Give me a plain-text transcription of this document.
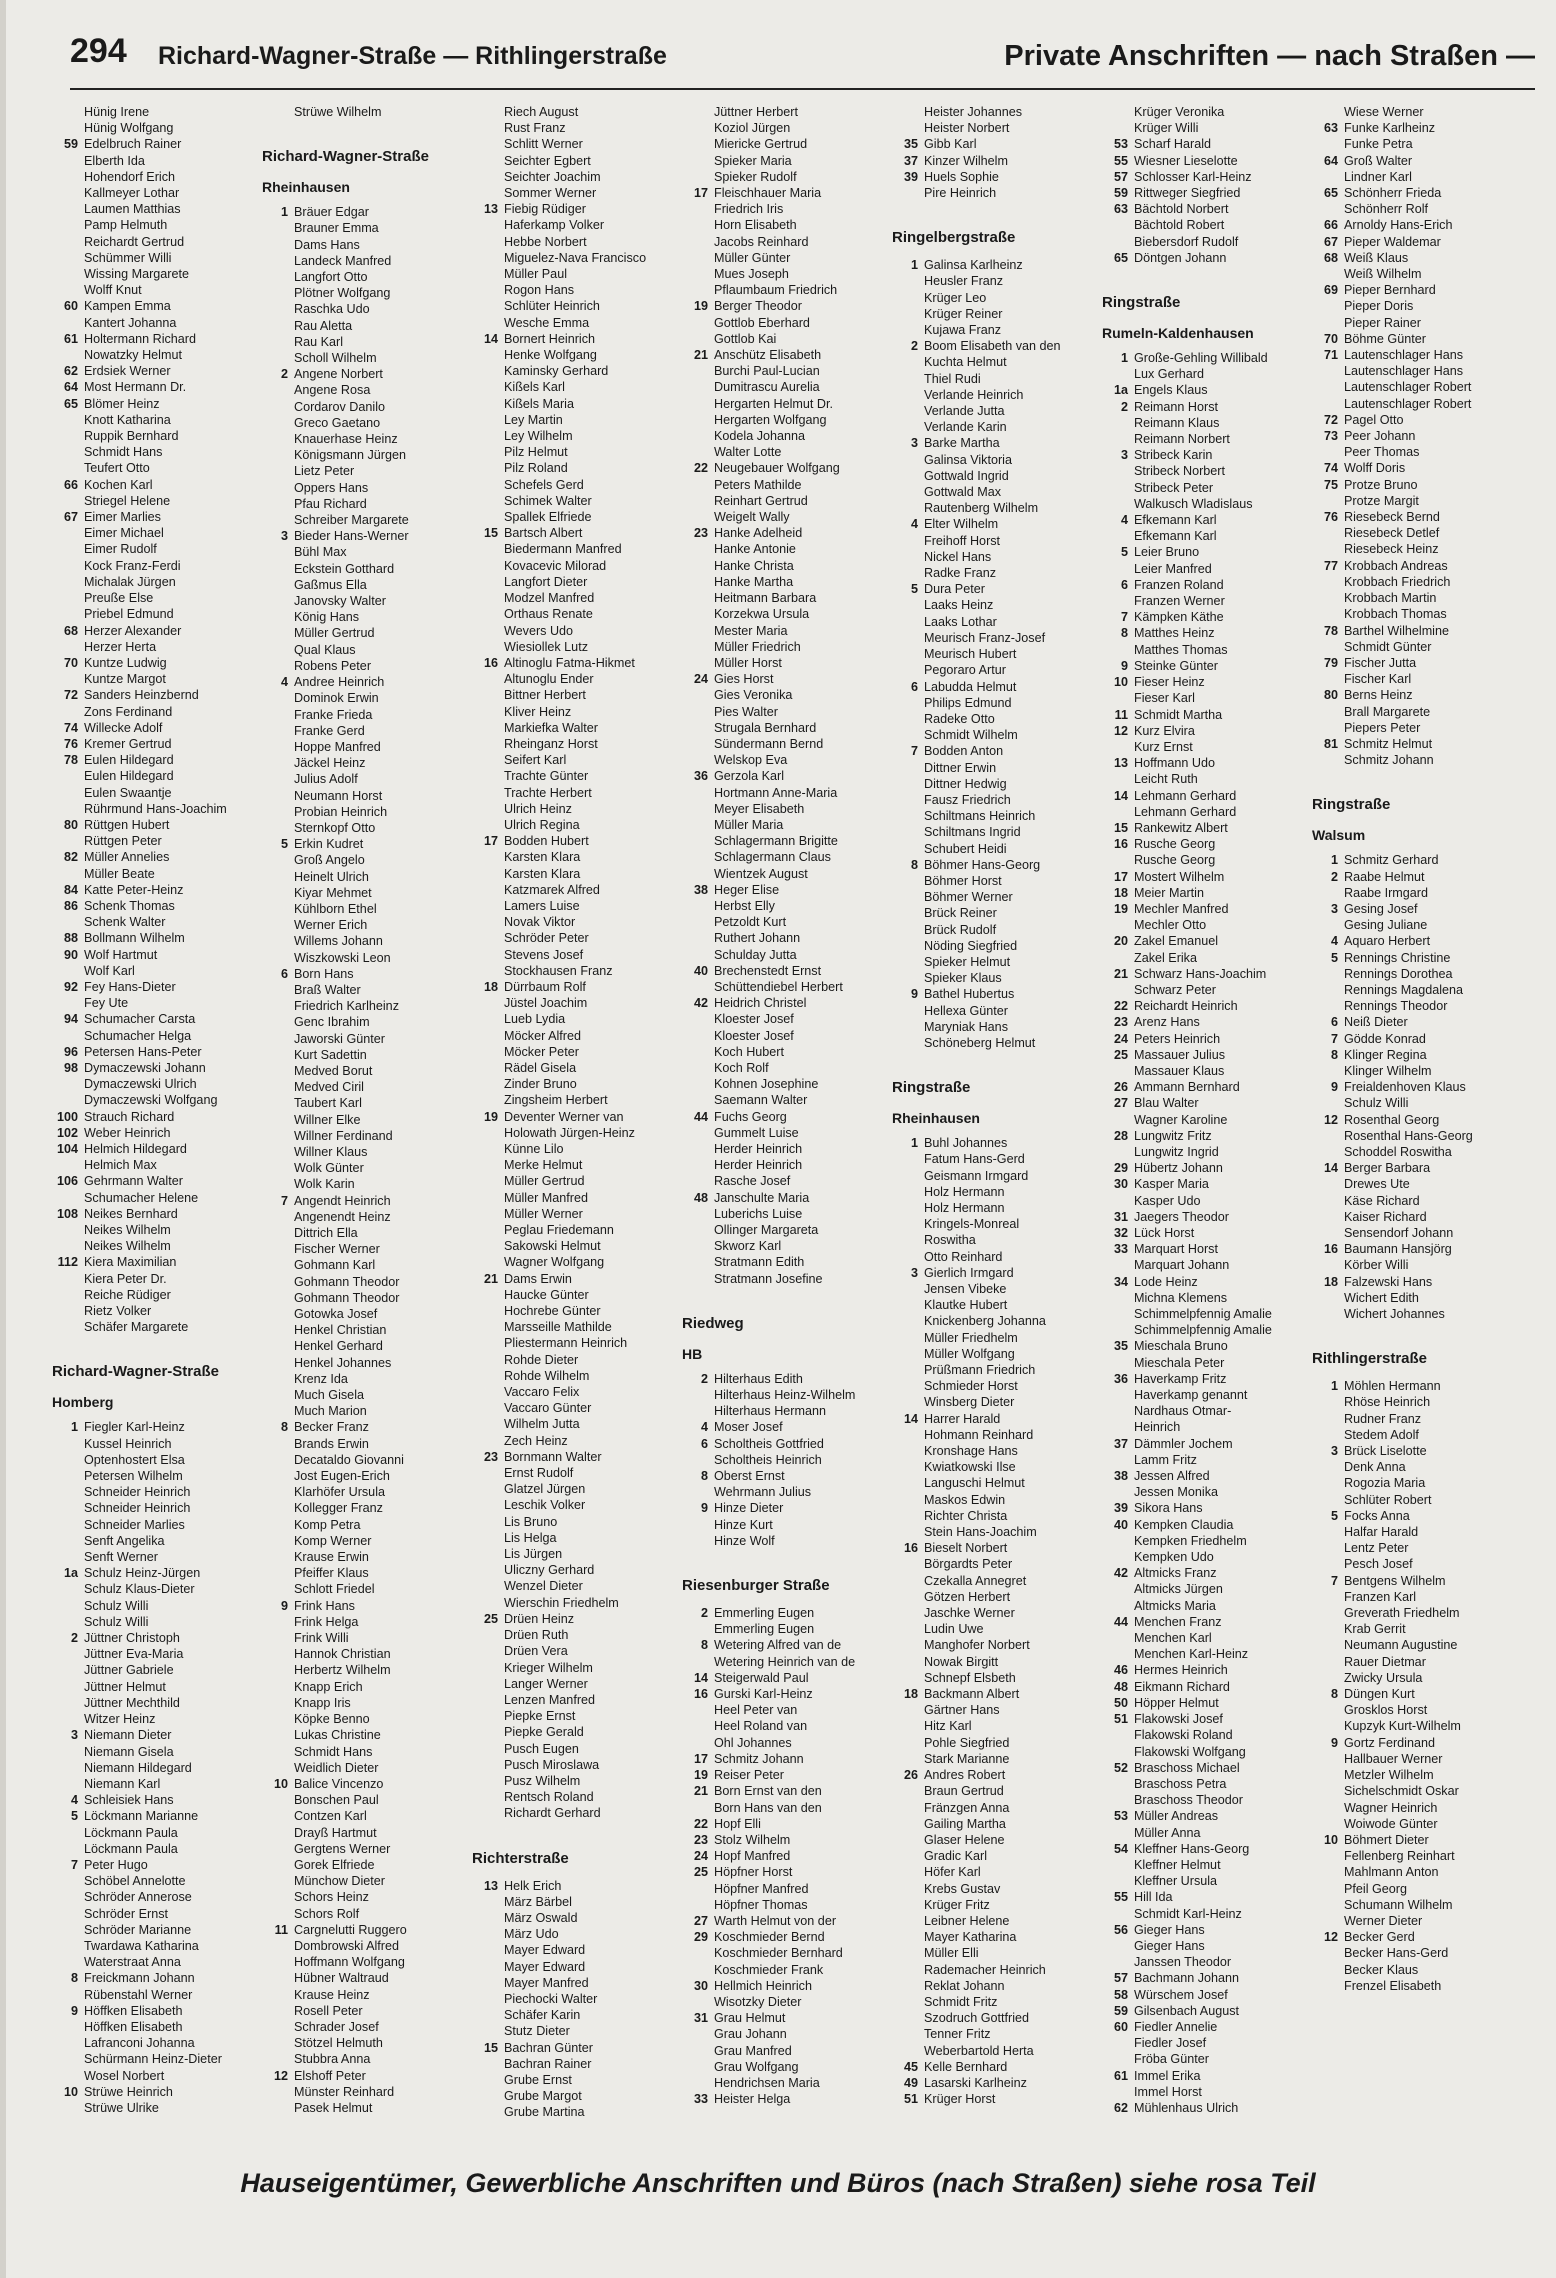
294 Richard-Wagner-Straße — Rithlingerstraße	Private Anschriften — nach Straßen —
Hünig Irene
Hünig Wolfgang
59 Edelbruch Rainer
Elberth Ida
Hohendorf Erich
Kallmeyer Lothar
Laumen Matthias
Pamp Helmuth
Reichardt Gertrud
Schümmer Willi
Wissing Margarete
Wolff Knut
60 Kampen Emma
Kantert Johanna
61 Holtermann Richard
Nowatzky Helmut
62 Erdsiek Werner
64 Most Hermann Dr.
65 Blömer Heinz
Knott Katharina
Ruppik Bernhard
Schmidt Hans
Teufert Otto
66 Kochen Karl
Striegel Helene
67 Eimer Marlies
Eimer Michael
Eimer Rudolf
Kock Franz-Ferdi
Michalak Jürgen
Preuße Else
Priebel Edmund
68 Herzer Alexander
Herzer Herta
70 Kuntze Ludwig
Kuntze Margot
72 Sanders Heinzbernd
Zons Ferdinand
74 Willecke Adolf
76 Kremer Gertrud
78 Eulen Hildegard
Eulen Hildegard
Eulen Swaantje
Rührmund Hans-Joachim
80 Rüttgen Hubert
Rüttgen Peter
82 Müller Annelies
Müller Beate
84 Katte Peter-Heinz
86 Schenk Thomas
Schenk Walter
88 Bollmann Wilhelm
90 Wolf Hartmut
Wolf Karl
92 Fey Hans-Dieter
Fey Ute
94 Schumacher Carsta
Schumacher Helga
96 Petersen Hans-Peter
98 Dymaczewski Johann
Dymaczewski Ulrich
Dymaczewski Wolfgang
100 Strauch Richard
102 Weber Heinrich
104 Helmich Hildegard
Helmich Max
106 Gehrmann Walter
Schumacher Helene
108 Neikes Bernhard
Neikes Wilhelm
Neikes Wilhelm
112 Kiera Maximilian
Kiera Peter Dr.
Reiche Rüdiger
Rietz Volker
Schäfer Margarete
Richard-Wagner-Straße
Homberg
1 Fiegler Karl-Heinz
Kussel Heinrich
Optenhostert Elsa
Petersen Wilhelm
Schneider Heinrich
Schneider Heinrich
Schneider Marlies
Senft Angelika
Senft Werner
1a Schulz Heinz-Jürgen
Schulz Klaus-Dieter
Schulz Willi
Schulz Willi
2 Jüttner Christoph
Jüttner Eva-Maria
Jüttner Gabriele
Jüttner Helmut
Jüttner Mechthild
Witzer Heinz
3 Niemann Dieter
Niemann Gisela
Niemann Hildegard
Niemann Karl
4 Schleisiek Hans
5 Löckmann Marianne
Löckmann Paula
Löckmann Paula
7 Peter Hugo
Schöbel Annelotte
Schröder Annerose
Schröder Ernst
Schröder Marianne
Twardawa Katharina
Waterstraat Anna
8 Freickmann Johann
Rübenstahl Werner
9 Höffken Elisabeth
Höffken Elisabeth
Lafranconi Johanna
Schürmann Heinz-Dieter
Wosel Norbert
10 Strüwe Heinrich
Strüwe Ulrike
Strüwe Wilhelm
Richard-Wagner-Straße
Rheinhausen
1 Bräuer Edgar
Brauner Emma
Dams Hans
Landeck Manfred
Langfort Otto
Plötner Wolfgang
Raschka Udo
Rau Aletta
Rau Karl
Scholl Wilhelm
2 Angene Norbert
Angene Rosa
Cordarov Danilo
Greco Gaetano
Knauerhase Heinz
Königsmann Jürgen
Lietz Peter
Oppers Hans
Pfau Richard
Schreiber Margarete
3 Bieder Hans-Werner
Bühl Max
Eckstein Gotthard
Gaßmus Ella
Janovsky Walter
König Hans
Müller Gertrud
Qual Klaus
Robens Peter
4 Andree Heinrich
Dominok Erwin
Franke Frieda
Franke Gerd
Hoppe Manfred
Jäckel Heinz
Julius Adolf
Neumann Horst
Probian Heinrich
Sternkopf Otto
5 Erkin Kudret
Groß Angelo
Heinelt Ulrich
Kiyar Mehmet
Kühlborn Ethel
Werner Erich
Willems Johann
Wiszkowski Leon
6 Born Hans
Braß Walter
Friedrich Karlheinz
Genc Ibrahim
Jaworski Günter
Kurt Sadettin
Medved Borut
Medved Ciril
Taubert Karl
Willner Elke
Willner Ferdinand
Willner Klaus
Wolk Günter
Wolk Karin
7 Angendt Heinrich
Angenendt Heinz
Dittrich Ella
Fischer Werner
Gohmann Karl
Gohmann Theodor
Gohmann Theodor
Gotowka Josef
Henkel Christian
Henkel Gerhard
Henkel Johannes
Krenz Ida
Much Gisela
Much Marion
8 Becker Franz
Brands Erwin
Decataldo Giovanni
Jost Eugen-Erich
Klarhöfer Ursula
Kollegger Franz
Komp Petra
Komp Werner
Krause Erwin
Pfeiffer Klaus
Schlott Friedel
9 Frink Hans
Frink Helga
Frink Willi
Hannok Christian
Herbertz Wilhelm
Knapp Erich
Knapp Iris
Köpke Benno
Lukas Christine
Schmidt Hans
Weidlich Dieter
10 Balice Vincenzo
Bonschen Paul
Contzen Karl
Drayß Hartmut
Gergtens Werner
Gorek Elfriede
Münchow Dieter
Schors Heinz
Schors Rolf
11 Cargnelutti Ruggero
Dombrowski Alfred
Hoffmann Wolfgang
Hübner Waltraud
Krause Heinz
Rosell Peter
Schrader Josef
Stötzel Helmuth
Stubbra Anna
12 Elshoff Peter
Münster Reinhard
Pasek Helmut
Riech August
Rust Franz
Schlitt Werner
Seichter Egbert
Seichter Joachim
Sommer Werner
13 Fiebig Rüdiger
Haferkamp Volker
Hebbe Norbert
Miguelez-Nava Francisco
Müller Paul
Rogon Hans
Schlüter Heinrich
Wesche Emma
14 Bornert Heinrich
Henke Wolfgang
Kaminsky Gerhard
Kißels Karl
Kißels Maria
Ley Martin
Ley Wilhelm
Pilz Helmut
Pilz Roland
Schefels Gerd
Schimek Walter
Spallek Elfriede
15 Bartsch Albert
Biedermann Manfred
Kovacevic Milorad
Langfort Dieter
Modzel Manfred
Orthaus Renate
Wevers Udo
Wiesiollek Lutz
16 Altinoglu Fatma-Hikmet
Altunoglu Ender
Bittner Herbert
Kliver Heinz
Markiefka Walter
Rheinganz Horst
Seifert Karl
Trachte Günter
Trachte Herbert
Ulrich Heinz
Ulrich Regina
17 Bodden Hubert
Karsten Klara
Karsten Klara
Katzmarek Alfred
Lamers Luise
Novak Viktor
Schröder Peter
Stevens Josef
Stockhausen Franz
18 Dürrbaum Rolf
Jüstel Joachim
Lueb Lydia
Möcker Alfred
Möcker Peter
Rädel Gisela
Zinder Bruno
Zingsheim Herbert
19 Deventer Werner van
Holowath Jürgen-Heinz
Künne Lilo
Merke Helmut
Müller Gertrud
Müller Manfred
Müller Werner
Peglau Friedemann
Sakowski Helmut
Wagner Wolfgang
21 Dams Erwin
Haucke Günter
Hochrebe Günter
Marsseille Mathilde
Pliestermann Heinrich
Rohde Dieter
Rohde Wilhelm
Vaccaro Felix
Vaccaro Günter
Wilhelm Jutta
Zech Heinz
23 Bornmann Walter
Ernst Rudolf
Glatzel Jürgen
Leschik Volker
Lis Bruno
Lis Helga
Lis Jürgen
Uliczny Gerhard
Wenzel Dieter
Wierschin Friedhelm
25 Drüen Heinz
Drüen Ruth
Drüen Vera
Krieger Wilhelm
Langer Werner
Lenzen Manfred
Piepke Ernst
Piepke Gerald
Pusch Eugen
Pusch Miroslawa
Pusz Wilhelm
Rentsch Roland
Richardt Gerhard
Richterstraße
13 Helk Erich
März Bärbel
März Oswald
März Udo
Mayer Edward
Mayer Edward
Mayer Manfred
Piechocki Walter
Schäfer Karin
Stutz Dieter
15 Bachran Günter
Bachran Rainer
Grube Ernst
Grube Margot
Grube Martina
Jüttner Herbert
Koziol Jürgen
Miericke Gertrud
Spieker Maria
Spieker Rudolf
17 Fleischhauer Maria
Friedrich Iris
Horn Elisabeth
Jacobs Reinhard
Müller Günter
Mues Joseph
Pflaumbaum Friedrich
19 Berger Theodor
Gottlob Eberhard
Gottlob Kai
21 Anschütz Elisabeth
Burchi Paul-Lucian
Dumitrascu Aurelia
Hergarten Helmut Dr.
Hergarten Wolfgang
Kodela Johanna
Walter Lotte
22 Neugebauer Wolfgang
Peters Mathilde
Reinhart Gertrud
Weigelt Wally
23 Hanke Adelheid
Hanke Antonie
Hanke Christa
Hanke Martha
Heitmann Barbara
Korzekwa Ursula
Mester Maria
Müller Friedrich
Müller Horst
24 Gies Horst
Gies Veronika
Pies Walter
Strugala Bernhard
Sündermann Bernd
Welskop Eva
36 Gerzola Karl
Hortmann Anne-Maria
Meyer Elisabeth
Müller Maria
Schlagermann Brigitte
Schlagermann Claus
Wientzek August
38 Heger Elise
Herbst Elly
Petzoldt Kurt
Ruthert Johann
Schulday Jutta
40 Brechenstedt Ernst
Schüttendiebel Herbert
42 Heidrich Christel
Kloester Josef
Kloester Josef
Koch Hubert
Koch Rolf
Kohnen Josephine
Saemann Walter
44 Fuchs Georg
Gummelt Luise
Herder Heinrich
Herder Heinrich
Rasche Josef
48 Janschulte Maria
Luberichs Luise
Ollinger Margareta
Skworz Karl
Stratmann Edith
Stratmann Josefine
Riedweg
HB
2 Hilterhaus Edith
Hilterhaus Heinz-Wilhelm
Hilterhaus Hermann
4 Moser Josef
6 Scholtheis Gottfried
Scholtheis Heinrich
8 Oberst Ernst
Wehrmann Julius
9 Hinze Dieter
Hinze Kurt
Hinze Wolf
Riesenburger Straße
2 Emmerling Eugen
Emmerling Eugen
8 Wetering Alfred van de
Wetering Heinrich van de
14 Steigerwald Paul
16 Gurski Karl-Heinz
Heel Peter van
Heel Roland van
Ohl Johannes
17 Schmitz Johann
19 Reiser Peter
21 Born Ernst van den
Born Hans van den
22 Hopf Elli
23 Stolz Wilhelm
24 Hopf Manfred
25 Höpfner Horst
Höpfner Manfred
Höpfner Thomas
27 Warth Helmut von der
29 Koschmieder Bernd
Koschmieder Bernhard
Koschmieder Frank
30 Hellmich Heinrich
Wisotzky Dieter
31 Grau Helmut
Grau Johann
Grau Manfred
Grau Wolfgang
Hendrichsen Maria
33 Heister Helga
Heister Johannes
Heister Norbert
35 Gibb Karl
37 Kinzer Wilhelm
39 Huels Sophie
Pire Heinrich
Ringelbergstraße
1 Galinsa Karlheinz
Heusler Franz
Krüger Leo
Krüger Reiner
Kujawa Franz
2 Boom Elisabeth van den
Kuchta Helmut
Thiel Rudi
Verlande Heinrich
Verlande Jutta
Verlande Karin
3 Barke Martha
Galinsa Viktoria
Gottwald Ingrid
Gottwald Max
Rautenberg Wilhelm
4 Elter Wilhelm
Freihoff Horst
Nickel Hans
Radke Franz
5 Dura Peter
Laaks Heinz
Laaks Lothar
Meurisch Franz-Josef
Meurisch Hubert
Pegoraro Artur
6 Labudda Helmut
Philips Edmund
Radeke Otto
Schmidt Wilhelm
7 Bodden Anton
Dittner Erwin
Dittner Hedwig
Fausz Friedrich
Schiltmans Heinrich
Schiltmans Ingrid
Schubert Heidi
8 Böhmer Hans-Georg
Böhmer Horst
Böhmer Werner
Brück Reiner
Brück Rudolf
Nöding Siegfried
Spieker Helmut
Spieker Klaus
9 Bathel Hubertus
Hellexa Günter
Maryniak Hans
Schöneberg Helmut
Ringstraße
Rheinhausen
1 Buhl Johannes
Fatum Hans-Gerd
Geismann Irmgard
Holz Hermann
Holz Hermann
Kringels-Monreal
Roswitha
Otto Reinhard
3 Gierlich Irmgard
Jensen Vibeke
Klautke Hubert
Knickenberg Johanna
Müller Friedhelm
Müller Wolfgang
Prüßmann Friedrich
Schmieder Horst
Winsberg Dieter
14 Harrer Harald
Hohmann Reinhard
Kronshage Hans
Kwiatkowski Ilse
Languschi Helmut
Maskos Edwin
Richter Christa
Stein Hans-Joachim
16 Bieselt Norbert
Börgardts Peter
Czekalla Annegret
Götzen Herbert
Jaschke Werner
Ludin Uwe
Manghofer Norbert
Nowak Birgitt
Schnepf Elsbeth
18 Backmann Albert
Gärtner Hans
Hitz Karl
Pohle Siegfried
Stark Marianne
26 Andres Robert
Braun Gertrud
Fränzgen Anna
Gailing Martha
Glaser Helene
Gradic Karl
Höfer Karl
Krebs Gustav
Krüger Fritz
Leibner Helene
Mayer Katharina
Müller Elli
Rademacher Heinrich
Reklat Johann
Schmidt Fritz
Szodruch Gottfried
Tenner Fritz
Weberbartold Herta
45 Kelle Bernhard
49 Lasarski Karlheinz
51 Krüger Horst
Krüger Veronika
Krüger Willi
53 Scharf Harald
55 Wiesner Lieselotte
57 Schlosser Karl-Heinz
59 Rittweger Siegfried
63 Bächtold Norbert
Bächtold Robert
Biebersdorf Rudolf
65 Döntgen Johann
Ringstraße
Rumeln-Kaldenhausen
1 Große-Gehling Willibald
Lux Gerhard
1a Engels Klaus
2 Reimann Horst
Reimann Klaus
Reimann Norbert
3 Stribeck Karin
Stribeck Norbert
Stribeck Peter
Walkusch Wladislaus
4 Efkemann Karl
Efkemann Karl
5 Leier Bruno
Leier Manfred
6 Franzen Roland
Franzen Werner
7 Kämpken Käthe
8 Matthes Heinz
Matthes Thomas
9 Steinke Günter
10 Fieser Heinz
Fieser Karl
11 Schmidt Martha
12 Kurz Elvira
Kurz Ernst
13 Hoffmann Udo
Leicht Ruth
14 Lehmann Gerhard
Lehmann Gerhard
15 Rankewitz Albert
16 Rusche Georg
Rusche Georg
17 Mostert Wilhelm
18 Meier Martin
19 Mechler Manfred
Mechler Otto
20 Zakel Emanuel
Zakel Erika
21 Schwarz Hans-Joachim
Schwarz Peter
22 Reichardt Heinrich
23 Arenz Hans
24 Peters Heinrich
25 Massauer Julius
Massauer Klaus
26 Ammann Bernhard
27 Blau Walter
Wagner Karoline
28 Lungwitz Fritz
Lungwitz Ingrid
29 Hübertz Johann
30 Kasper Maria
Kasper Udo
31 Jaegers Theodor
32 Lück Horst
33 Marquart Horst
Marquart Johann
34 Lode Heinz
Michna Klemens
Schimmelpfennig Amalie
Schimmelpfennig Amalie
35 Mieschala Bruno
Mieschala Peter
36 Haverkamp Fritz
Haverkamp genannt
Nardhaus Otmar-
Heinrich
37 Dämmler Jochem
Lamm Fritz
38 Jessen Alfred
Jessen Monika
39 Sikora Hans
40 Kempken Claudia
Kempken Friedhelm
Kempken Udo
42 Altmicks Franz
Altmicks Jürgen
Altmicks Maria
44 Menchen Franz
Menchen Karl
Menchen Karl-Heinz
46 Hermes Heinrich
48 Eikmann Richard
50 Höpper Helmut
51 Flakowski Josef
Flakowski Roland
Flakowski Wolfgang
52 Braschoss Michael
Braschoss Petra
Braschoss Theodor
53 Müller Andreas
Müller Anna
54 Kleffner Hans-Georg
Kleffner Helmut
Kleffner Ursula
55 Hill Ida
Schmidt Karl-Heinz
56 Gieger Hans
Gieger Hans
Janssen Theodor
57 Bachmann Johann
58 Würschem Josef
59 Gilsenbach August
60 Fiedler Annelie
Fiedler Josef
Fröba Günter
61 Immel Erika
Immel Horst
62 Mühlenhaus Ulrich
Wiese Werner
63 Funke Karlheinz
Funke Petra
64 Groß Walter
Lindner Karl
65 Schönherr Frieda
Schönherr Rolf
66 Arnoldy Hans-Erich
67 Pieper Waldemar
68 Weiß Klaus
Weiß Wilhelm
69 Pieper Bernhard
Pieper Doris
Pieper Rainer
70 Böhme Günter
71 Lautenschlager Hans
Lautenschlager Hans
Lautenschlager Robert
Lautenschlager Robert
72 Pagel Otto
73 Peer Johann
Peer Thomas
74 Wolff Doris
75 Protze Bruno
Protze Margit
76 Riesebeck Bernd
Riesebeck Detlef
Riesebeck Heinz
77 Krobbach Andreas
Krobbach Friedrich
Krobbach Martin
Krobbach Thomas
78 Barthel Wilhelmine
Schmidt Günter
79 Fischer Jutta
Fischer Karl
80 Berns Heinz
Brall Margarete
Piepers Peter
81 Schmitz Helmut
Schmitz Johann
Ringstraße
Walsum
1 Schmitz Gerhard
2 Raabe Helmut
Raabe Irmgard
3 Gesing Josef
Gesing Juliane
4 Aquaro Herbert
5 Rennings Christine
Rennings Dorothea
Rennings Magdalena
Rennings Theodor
6 Neiß Dieter
7 Gödde Konrad
8 Klinger Regina
Klinger Wilhelm
9 Freialdenhoven Klaus
Schulz Willi
12 Rosenthal Georg
Rosenthal Hans-Georg
Schoddel Roswitha
14 Berger Barbara
Drewes Ute
Käse Richard
Kaiser Richard
Sensendorf Johann
16 Baumann Hansjörg
Körber Willi
18 Falzewski Hans
Wichert Edith
Wichert Johannes
Rithlingerstraße
1 Möhlen Hermann
Rhöse Heinrich
Rudner Franz
Stedem Adolf
3 Brück Liselotte
Denk Anna
Rogozia Maria
Schlüter Robert
5 Focks Anna
Halfar Harald
Lentz Peter
Pesch Josef
7 Bentgens Wilhelm
Franzen Karl
Greverath Friedhelm
Krab Gerrit
Neumann Augustine
Rauer Dietmar
Zwicky Ursula
8 Düngen Kurt
Grosklos Horst
Kupzyk Kurt-Wilhelm
9 Gortz Ferdinand
Hallbauer Werner
Metzler Wilhelm
Sichelschmidt Oskar
Wagner Heinrich
Woiwode Günter
10 Böhmert Dieter
Fellenberg Reinhart
Mahlmann Anton
Pfeil Georg
Schumann Wilhelm
Werner Dieter
12 Becker Gerd
Becker Hans-Gerd
Becker Klaus
Frenzel Elisabeth
Hauseigentümer, Gewerbliche Anschriften und Büros (nach Straßen) siehe rosa Teil
